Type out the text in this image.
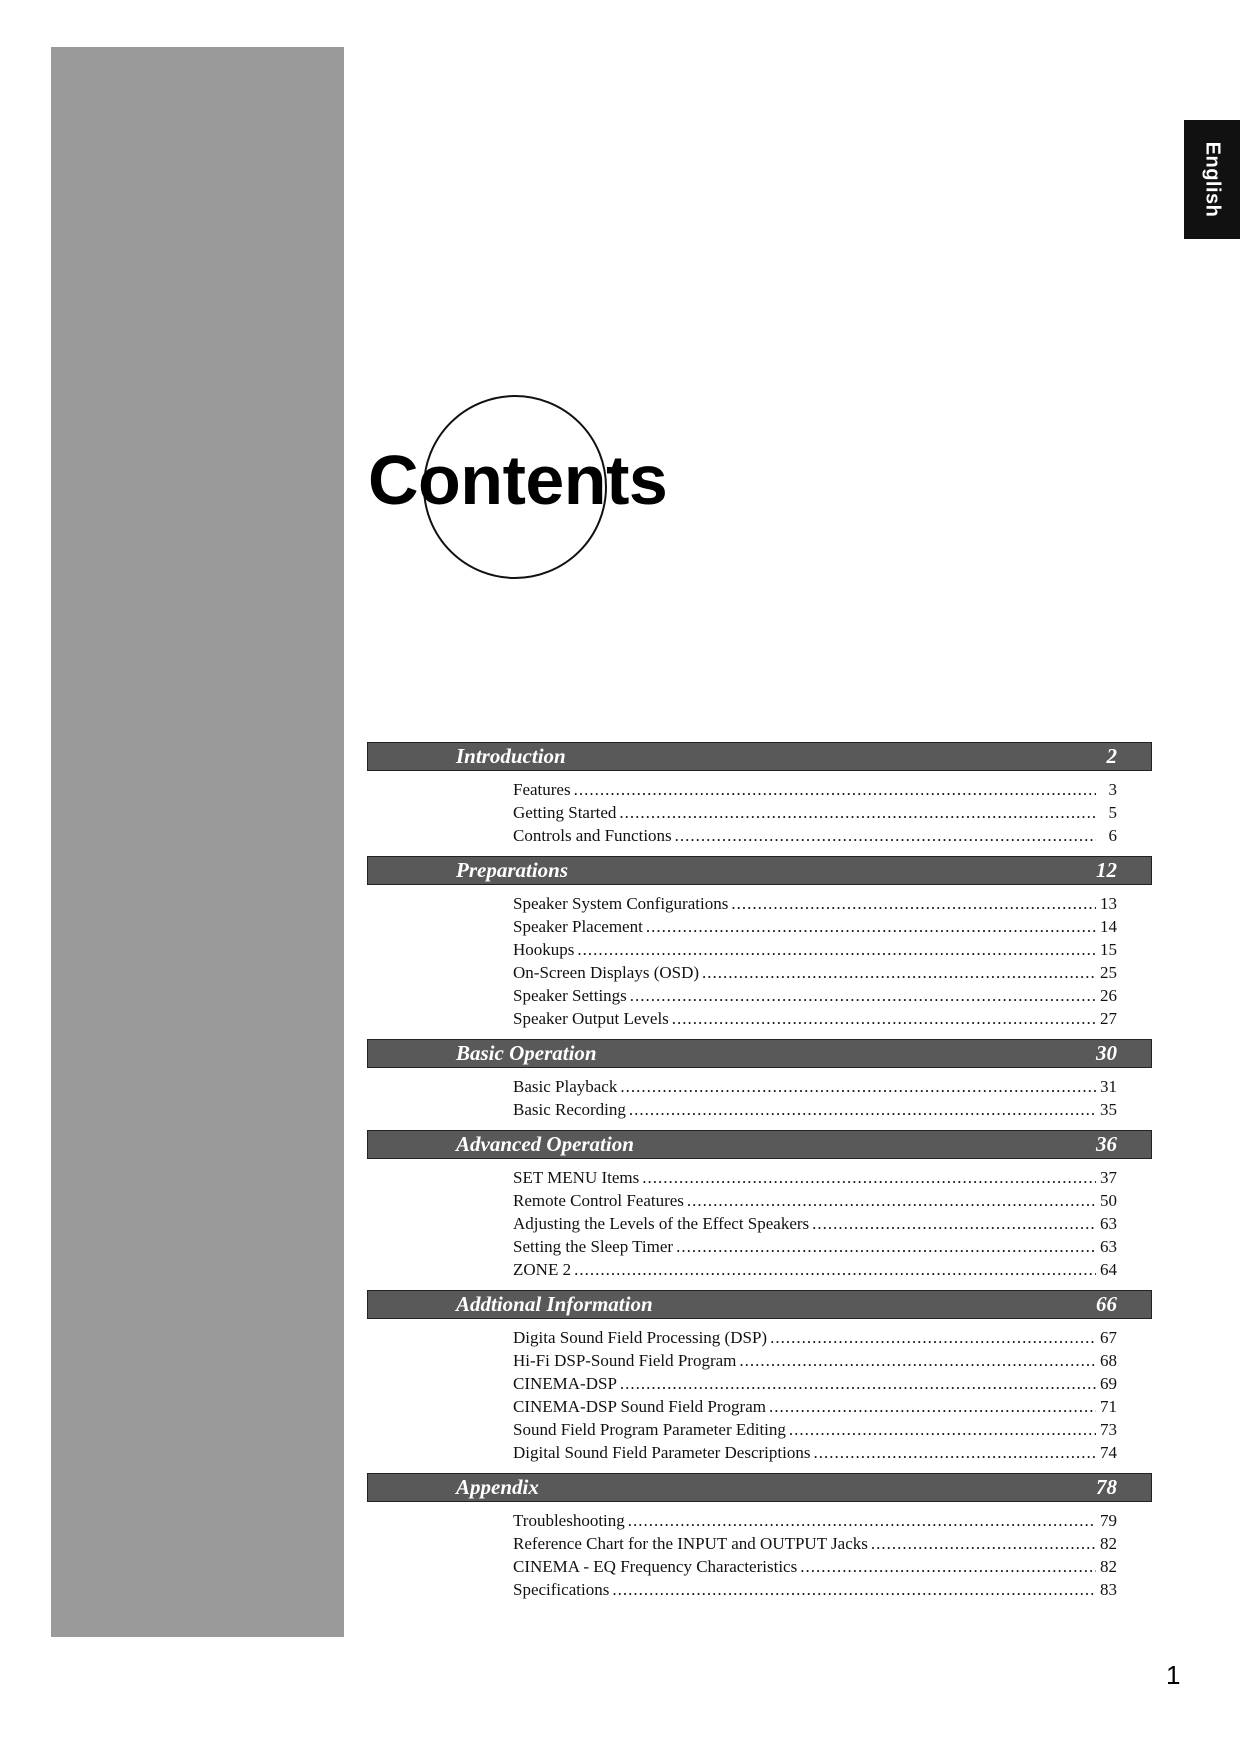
English
Contents
Introduction	2
Features .....	3
Getting Started .....	5
Controls and Functions .....	6
Preparations	12
Speaker System Configurations .....	13
Speaker Placement .....	14
Hookups .....	15
On-Screen Displays (OSD) .....	25
Speaker Settings .....	26
Speaker Output Levels .....	27
Basic Operation	30
Basic Playback .....	31
Basic Recording .....	35
Advanced Operation	36
SET MENU Items .....	37
Remote Control Features .....	50
Adjusting the Levels of the Effect Speakers .....	63
Setting the Sleep Timer .....	63
ZONE 2 .....	64
Addtional Information	66
Digita Sound Field Processing (DSP) .....	67
Hi-Fi DSP-Sound Field Program .....	68
CINEMA-DSP .....	69
CINEMA-DSP Sound Field Program .....	71
Sound Field Program Parameter Editing .....	73
Digital Sound Field Parameter Descriptions .....	74
Appendix	78
Troubleshooting .....	79
Reference Chart for the INPUT and OUTPUT Jacks .....	82
CINEMA - EQ Frequency Characteristics .....	82
Specifications .....	83
1
